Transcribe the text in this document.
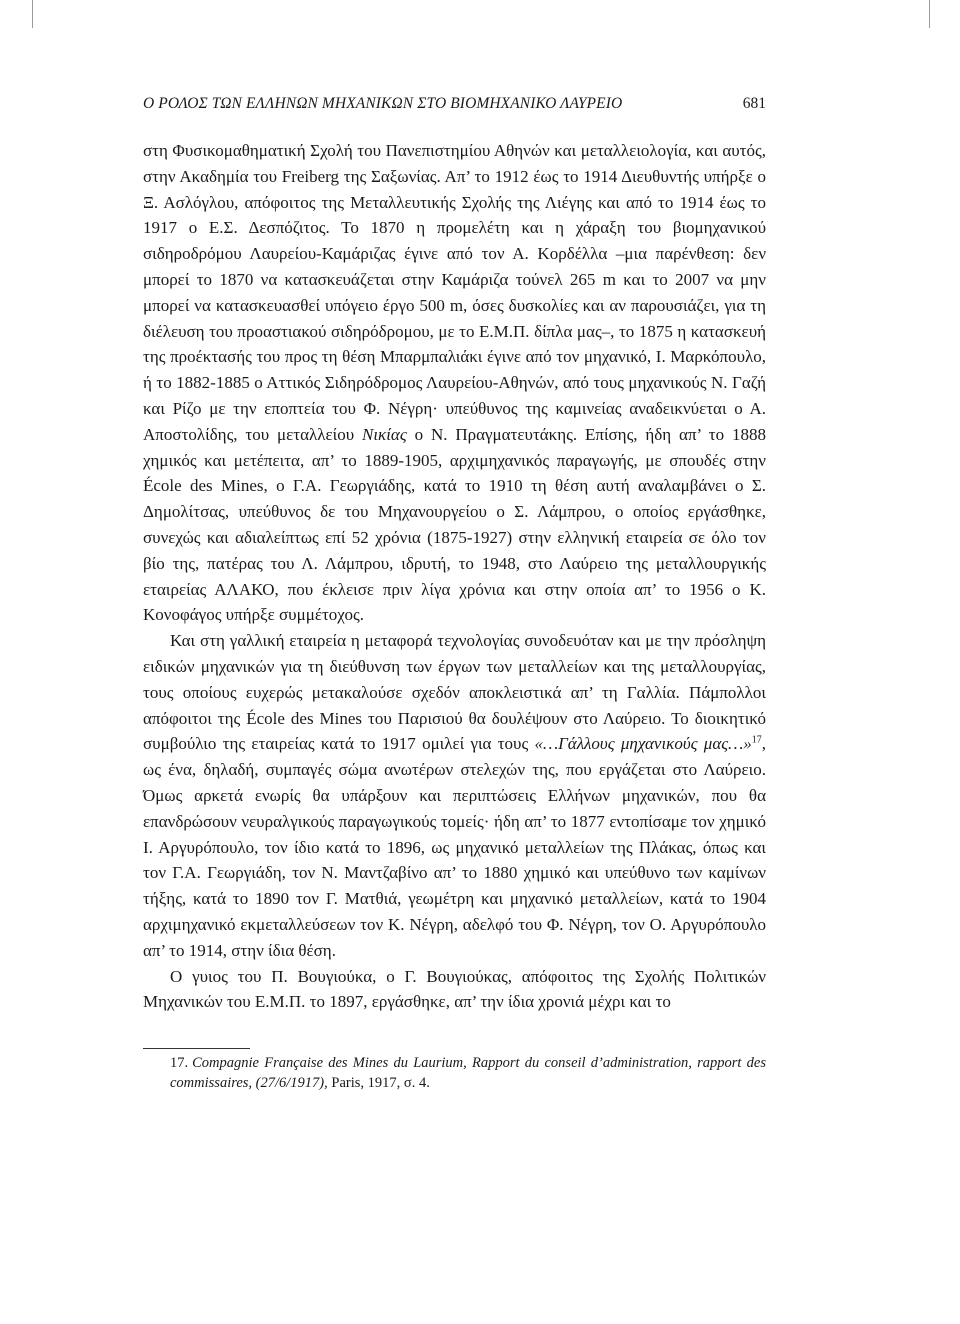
Ο ΡΟΛΟΣ ΤΩΝ ΕΛΛΗΝΩΝ ΜΗΧΑΝΙΚΩΝ ΣΤΟ ΒΙΟΜΗΧΑΝΙΚΟ ΛΑΥΡΕΙΟ	681

στη Φυσικομαθηματική Σχολή του Πανεπιστημίου Αθηνών και μεταλλειολογία, και αυτός, στην Ακαδημία του Freiberg της Σαξωνίας. Απ’ το 1912 έως το 1914 Διευθυντής υπήρξε ο Ξ. Ασλόγλου, απόφοιτος της Μεταλλευτικής Σχολής της Λιέγης και από το 1914 έως το 1917 ο Ε.Σ. Δεσπόζιτος. Το 1870 η προμελέτη και η χάραξη του βιομηχανικού σιδηροδρόμου Λαυρείου-Καμάριζας έγινε από τον Α. Κορδέλλα –μια παρένθεση: δεν μπορεί το 1870 να κατασκευάζεται στην Καμάριζα τούνελ 265 m και το 2007 να μην μπορεί να κατασκευασθεί υπόγειο έργο 500 m, όσες δυσκολίες και αν παρουσιάζει, για τη διέλευση του προαστιακού σιδηρόδρομου, με το Ε.Μ.Π. δίπλα μας–, το 1875 η κατασκευή της προέκτασής του προς τη θέση Μπαρμπαλιάκι έγινε από τον μηχανικό, Ι. Μαρκόπουλο, ή το 1882-1885 ο Αττικός Σιδηρόδρομος Λαυρείου-Αθηνών, από τους μηχανικούς Ν. Γαζή και Ρίζο με την εποπτεία του Φ. Νέγρη· υπεύθυνος της καμινείας αναδεικνύεται ο Α. Αποστολίδης, του μεταλλείου Νικίας ο Ν. Πραγματευτάκης. Επίσης, ήδη απ’ το 1888 χημικός και μετέπειτα, απ’ το 1889-1905, αρχιμηχανικός παραγωγής, με σπουδές στην École des Mines, ο Γ.Α. Γεωργιάδης, κατά το 1910 τη θέση αυτή αναλαμβάνει ο Σ. Δημολίτσας, υπεύθυνος δε του Μηχανουργείου ο Σ. Λάμπρου, ο οποίος εργάσθηκε, συνεχώς και αδιαλείπτως επί 52 χρόνια (1875-1927) στην ελληνική εταιρεία σε όλο τον βίο της, πατέρας του Λ. Λάμπρου, ιδρυτή, το 1948, στο Λαύρειο της μεταλλουργικής εταιρείας ΑΛΑΚΟ, που έκλεισε πριν λίγα χρόνια και στην οποία απ’ το 1956 ο Κ. Κονοφάγος υπήρξε συμμέτοχος.

Και στη γαλλική εταιρεία η μεταφορά τεχνολογίας συνοδευόταν και με την πρόσληψη ειδικών μηχανικών για τη διεύθυνση των έργων των μεταλλείων και της μεταλλουργίας, τους οποίους ευχερώς μετακαλούσε σχεδόν αποκλειστικά απ’ τη Γαλλία. Πάμπολλοι απόφοιτοι της École des Mines του Παρισιού θα δουλέψουν στο Λαύρειο. Το διοικητικό συμβούλιο της εταιρείας κατά το 1917 ομιλεί για τους «…Γάλλους μηχανικούς μας…»$^{17}$, ως ένα, δηλαδή, συμπαγές σώμα ανωτέρων στελεχών της, που εργάζεται στο Λαύρειο. Όμως αρκετά ενωρίς θα υπάρξουν και περιπτώσεις Ελλήνων μηχανικών, που θα επανδρώσουν νευραλγικούς παραγωγικούς τομείς· ήδη απ’ το 1877 εντοπίσαμε τον χημικό Ι. Αργυρόπουλο, τον ίδιο κατά το 1896, ως μηχανικό μεταλλείων της Πλάκας, όπως και τον Γ.Α. Γεωργιάδη, τον Ν. Μαντζαβίνο απ’ το 1880 χημικό και υπεύθυνο των καμίνων τήξης, κατά το 1890 τον Γ. Ματθιά, γεωμέτρη και μηχανικό μεταλλείων, κατά το 1904 αρχιμηχανικό εκμεταλλεύσεων τον Κ. Νέγρη, αδελφό του Φ. Νέγρη, τον Ο. Αργυρόπουλο απ’ το 1914, στην ίδια θέση.

Ο γυιος του Π. Βουγιούκα, ο Γ. Βουγιούκας, απόφοιτος της Σχολής Πολιτικών Μηχανικών του Ε.Μ.Π. το 1897, εργάσθηκε, απ’ την ίδια χρονιά μέχρι και το

17. Compagnie Française des Mines du Laurium, Rapport du conseil d’administration, rapport des commissaires, (27/6/1917), Paris, 1917, σ. 4.
